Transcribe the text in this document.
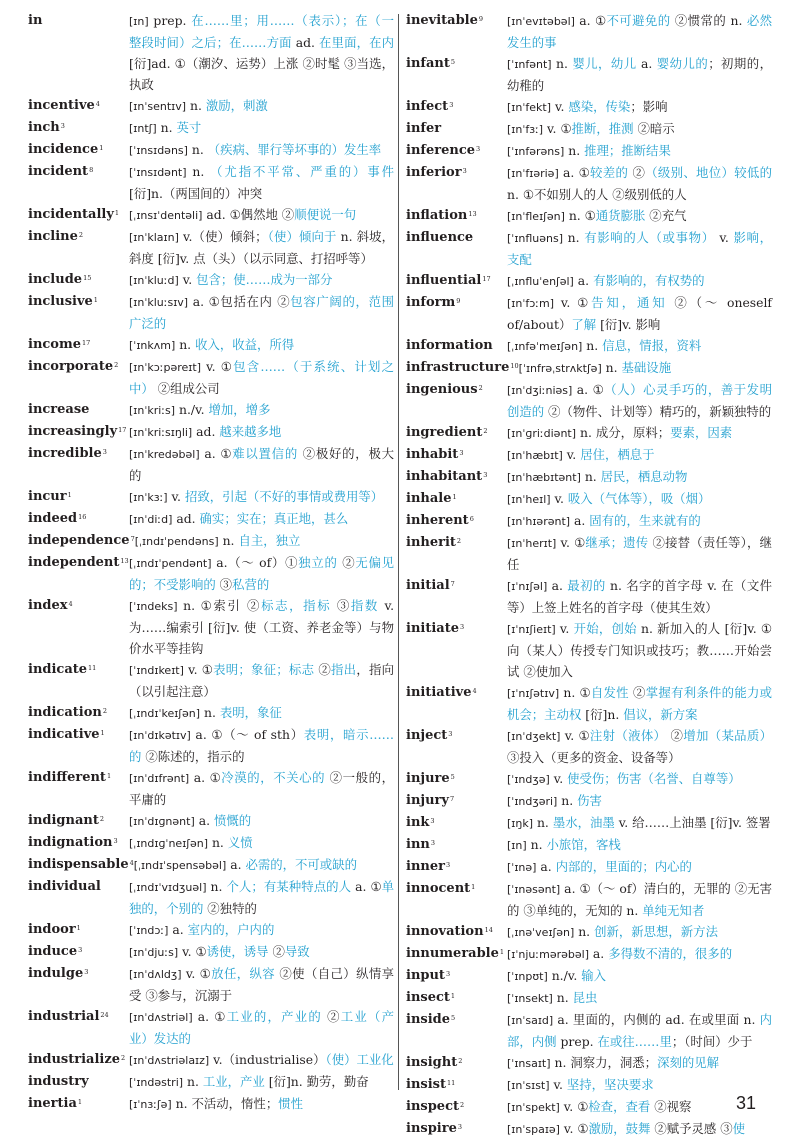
in	[ɪn] prep. 在……里；用……（表示）；在（一整段时间）之后；在……方面 ad. 在里面，在内 [衍]ad. ①（潮汐、运势）上涨 ②时髦 ③当选，执政
incentive$^4$	[ɪnˈsentɪv] n. 激励，刺激
inch$^3$	[ɪntʃ] n. 英寸
incidence$^1$	[ˈɪnsɪdəns] n. （疾病、罪行等坏事的）发生率
incident$^8$	[ˈɪnsɪdənt] n. （尤指不平常、严重的）事件 [衍]n.（两国间的）冲突
incidentally$^1$ [ˌɪnsɪˈdentəli] ad. ①偶然地 ②顺便说一句
incline$^2$	[ɪnˈklaɪn] v.（使）倾斜；（使）倾向于 n. 斜坡，斜度 [衍]v. 点（头）（以示同意、打招呼等）
include$^{15}$	[ɪnˈkluːd] v. 包含；使……成为一部分
inclusive$^1$	[ɪnˈkluːsɪv] a. ①包括在内 ②包容广阔的，范围广泛的
income$^{17}$	[ˈɪnkʌm] n. 收入，收益，所得
incorporate$^2$ [ɪnˈkɔːpəreɪt] v. ①包含……（于系统、计划之中） ②组成公司
increase	[ɪnˈkriːs] n./v. 增加，增多
increasingly$^{17}$ [ɪnˈkriːsɪŋli] ad. 越来越多地
incredible$^3$	[ɪnˈkredəbəl] a. ①难以置信的 ②极好的，极大的
incur$^1$	[ɪnˈkɜː] v. 招致，引起（不好的事情或费用等）
indeed$^{16}$	[ɪnˈdiːd] ad. 确实；实在；真正地，甚么
independence$^7$ [ˌɪndɪˈpendəns] n. 自主，独立
independent$^{13}$ [ˌɪndɪˈpendənt] a.（～ of）①独立的 ②无偏见的；不受影响的 ③私营的
index$^4$	[ˈɪndeks] n. ①索引 ②标志，指标 ③指数 v. 为……编索引 [衍]v. 使（工资、养老金等）与物价水平等挂钩
indicate$^{11}$	[ˈɪndɪkeɪt] v. ①表明；象征；标志 ②指出，指向（以引起注意）
indication$^2$	[ˌɪndɪˈkeɪʃən] n. 表明，象征
indicative$^1$	[ɪnˈdɪkətɪv] a. ①（～ of sth）表明，暗示……的 ②陈述的，指示的
indifferent$^1$	[ɪnˈdɪfrənt] a. ①冷漠的，不关心的 ②一般的，平庸的
indignant$^2$	[ɪnˈdɪɡnənt] a. 愤慨的
indignation$^3$	[ˌɪndɪɡˈneɪʃən] n. 义愤
indispensable$^4$ [ˌɪndɪˈspensəbəl] a. 必需的，不可或缺的
individual	[ˌɪndɪˈvɪdʒuəl] n. 个人；有某种特点的人 a. ①单独的，个别的 ②独特的
indoor$^1$	[ˈɪndɔː] a. 室内的，户内的
induce$^3$	[ɪnˈdjuːs] v. ①诱使，诱导 ②导致
indulge$^3$	[ɪnˈdʌldʒ] v. ①放任，纵容 ②使（自己）纵情享受 ③参与，沉溺于
industrial$^{24}$	[ɪnˈdʌstriəl] a. ①工业的，产业的 ②工业（产业）发达的
industrialize$^2$ [ɪnˈdʌstriəlaɪz] v.（industrialise）（使）工业化
industry	[ˈɪndəstri] n. 工业，产业 [衍]n. 勤劳，勤奋
inertia$^1$	[ɪˈnɜːʃə] n. 不活动，惰性；惯性
inevitable$^9$	[ɪnˈevɪtəbəl] a. ①不可避免的 ②惯常的 n. 必然发生的事
infant$^5$	[ˈɪnfənt] n. 婴儿，幼儿 a. 婴幼儿的；初期的，幼稚的
infect$^3$	[ɪnˈfekt] v. 感染，传染；影响
infer	[ɪnˈfɜː] v. ①推断，推测 ②暗示
inference$^3$	[ˈɪnfərəns] n. 推理；推断结果
inferior$^3$	[ɪnˈfɪəriə] a. ①较差的 ②（级别、地位）较低的 n. ①不如别人的人 ②级别低的人
inflation$^{13}$	[ɪnˈfleɪʃən] n. ①通货膨胀 ②充气
influence	[ˈɪnfluəns] n. 有影响的人（或事物） v. 影响，支配
influential$^{17}$	[ˌɪnfluˈenʃəl] a. 有影响的，有权势的
inform$^9$	[ɪnˈfɔːm] v. ①告知，通知 ②（～ oneself of/about）了解 [衍]v. 影响
information	[ˌɪnfəˈmeɪʃən] n. 信息，情报，资料
infrastructure$^{10}$ [ˈɪnfrəˌstrʌktʃə] n. 基础设施
ingenious$^2$	[ɪnˈdʒiːniəs] a. ①（人）心灵手巧的，善于发明创造的 ②（物件、计划等）精巧的，新颖独特的
ingredient$^2$	[ɪnˈɡriːdiənt] n. 成分，原料；要素，因素
inhabit$^3$	[ɪnˈhæbɪt] v. 居住，栖息于
inhabitant$^3$	[ɪnˈhæbɪtənt] n. 居民，栖息动物
inhale$^1$	[ɪnˈheɪl] v. 吸入（气体等），吸（烟）
inherent$^6$	[ɪnˈhɪərənt] a. 固有的，生来就有的
inherit$^2$	[ɪnˈherɪt] v. ①继承；遗传 ②接替（责任等），继任
initial$^7$	[ɪˈnɪʃəl] a. 最初的 n. 名字的首字母 v. 在（文件等）上签上姓名的首字母（使其生效）
initiate$^3$	[ɪˈnɪʃieɪt] v. 开始，创始 n. 新加入的人 [衍]v. ①向（某人）传授专门知识或技巧；教……开始尝试 ②使加入
initiative$^4$	[ɪˈnɪʃətɪv] n. ①自发性 ②掌握有利条件的能力或机会；主动权 [衍]n. 倡议，新方案
inject$^3$	[ɪnˈdʒekt] v. ①注射（液体） ②增加（某品质） ③投入（更多的资金、设备等）
injure$^5$	[ˈɪndʒə] v. 使受伤；伤害（名誉、自尊等）
injury$^7$	[ˈɪndʒəri] n. 伤害
ink$^3$	[ɪŋk] n. 墨水，油墨 v. 给……上油墨 [衍]v. 签署
inn$^3$	[ɪn] n. 小旅馆，客栈
inner$^3$	[ˈɪnə] a. 内部的，里面的；内心的
innocent$^1$	[ˈɪnəsənt] a. ①（～ of）清白的，无罪的 ②无害的 ③单纯的，无知的 n. 单纯无知者
innovation$^{14}$	[ˌɪnəˈveɪʃən] n. 创新，新思想，新方法
innumerable$^1$ [ɪˈnjuːmərəbəl] a. 多得数不清的，很多的
input$^3$	[ˈɪnpʊt] n./v. 输入
insect$^1$	[ˈɪnsekt] n. 昆虫
inside$^5$	[ɪnˈsaɪd] a. 里面的，内侧的 ad. 在或里面 n. 内部，内侧 prep. 在或往……里；（时间）少于
insight$^2$	[ˈɪnsaɪt] n. 洞察力，洞悉；深刻的见解
insist$^{11}$	[ɪnˈsɪst] v. 坚持，坚决要求
inspect$^2$	[ɪnˈspekt] v. ①检查，查看 ②视察
inspire$^3$	[ɪnˈspaɪə] v. ①激励，鼓舞 ②赋予灵感 ③使
31
